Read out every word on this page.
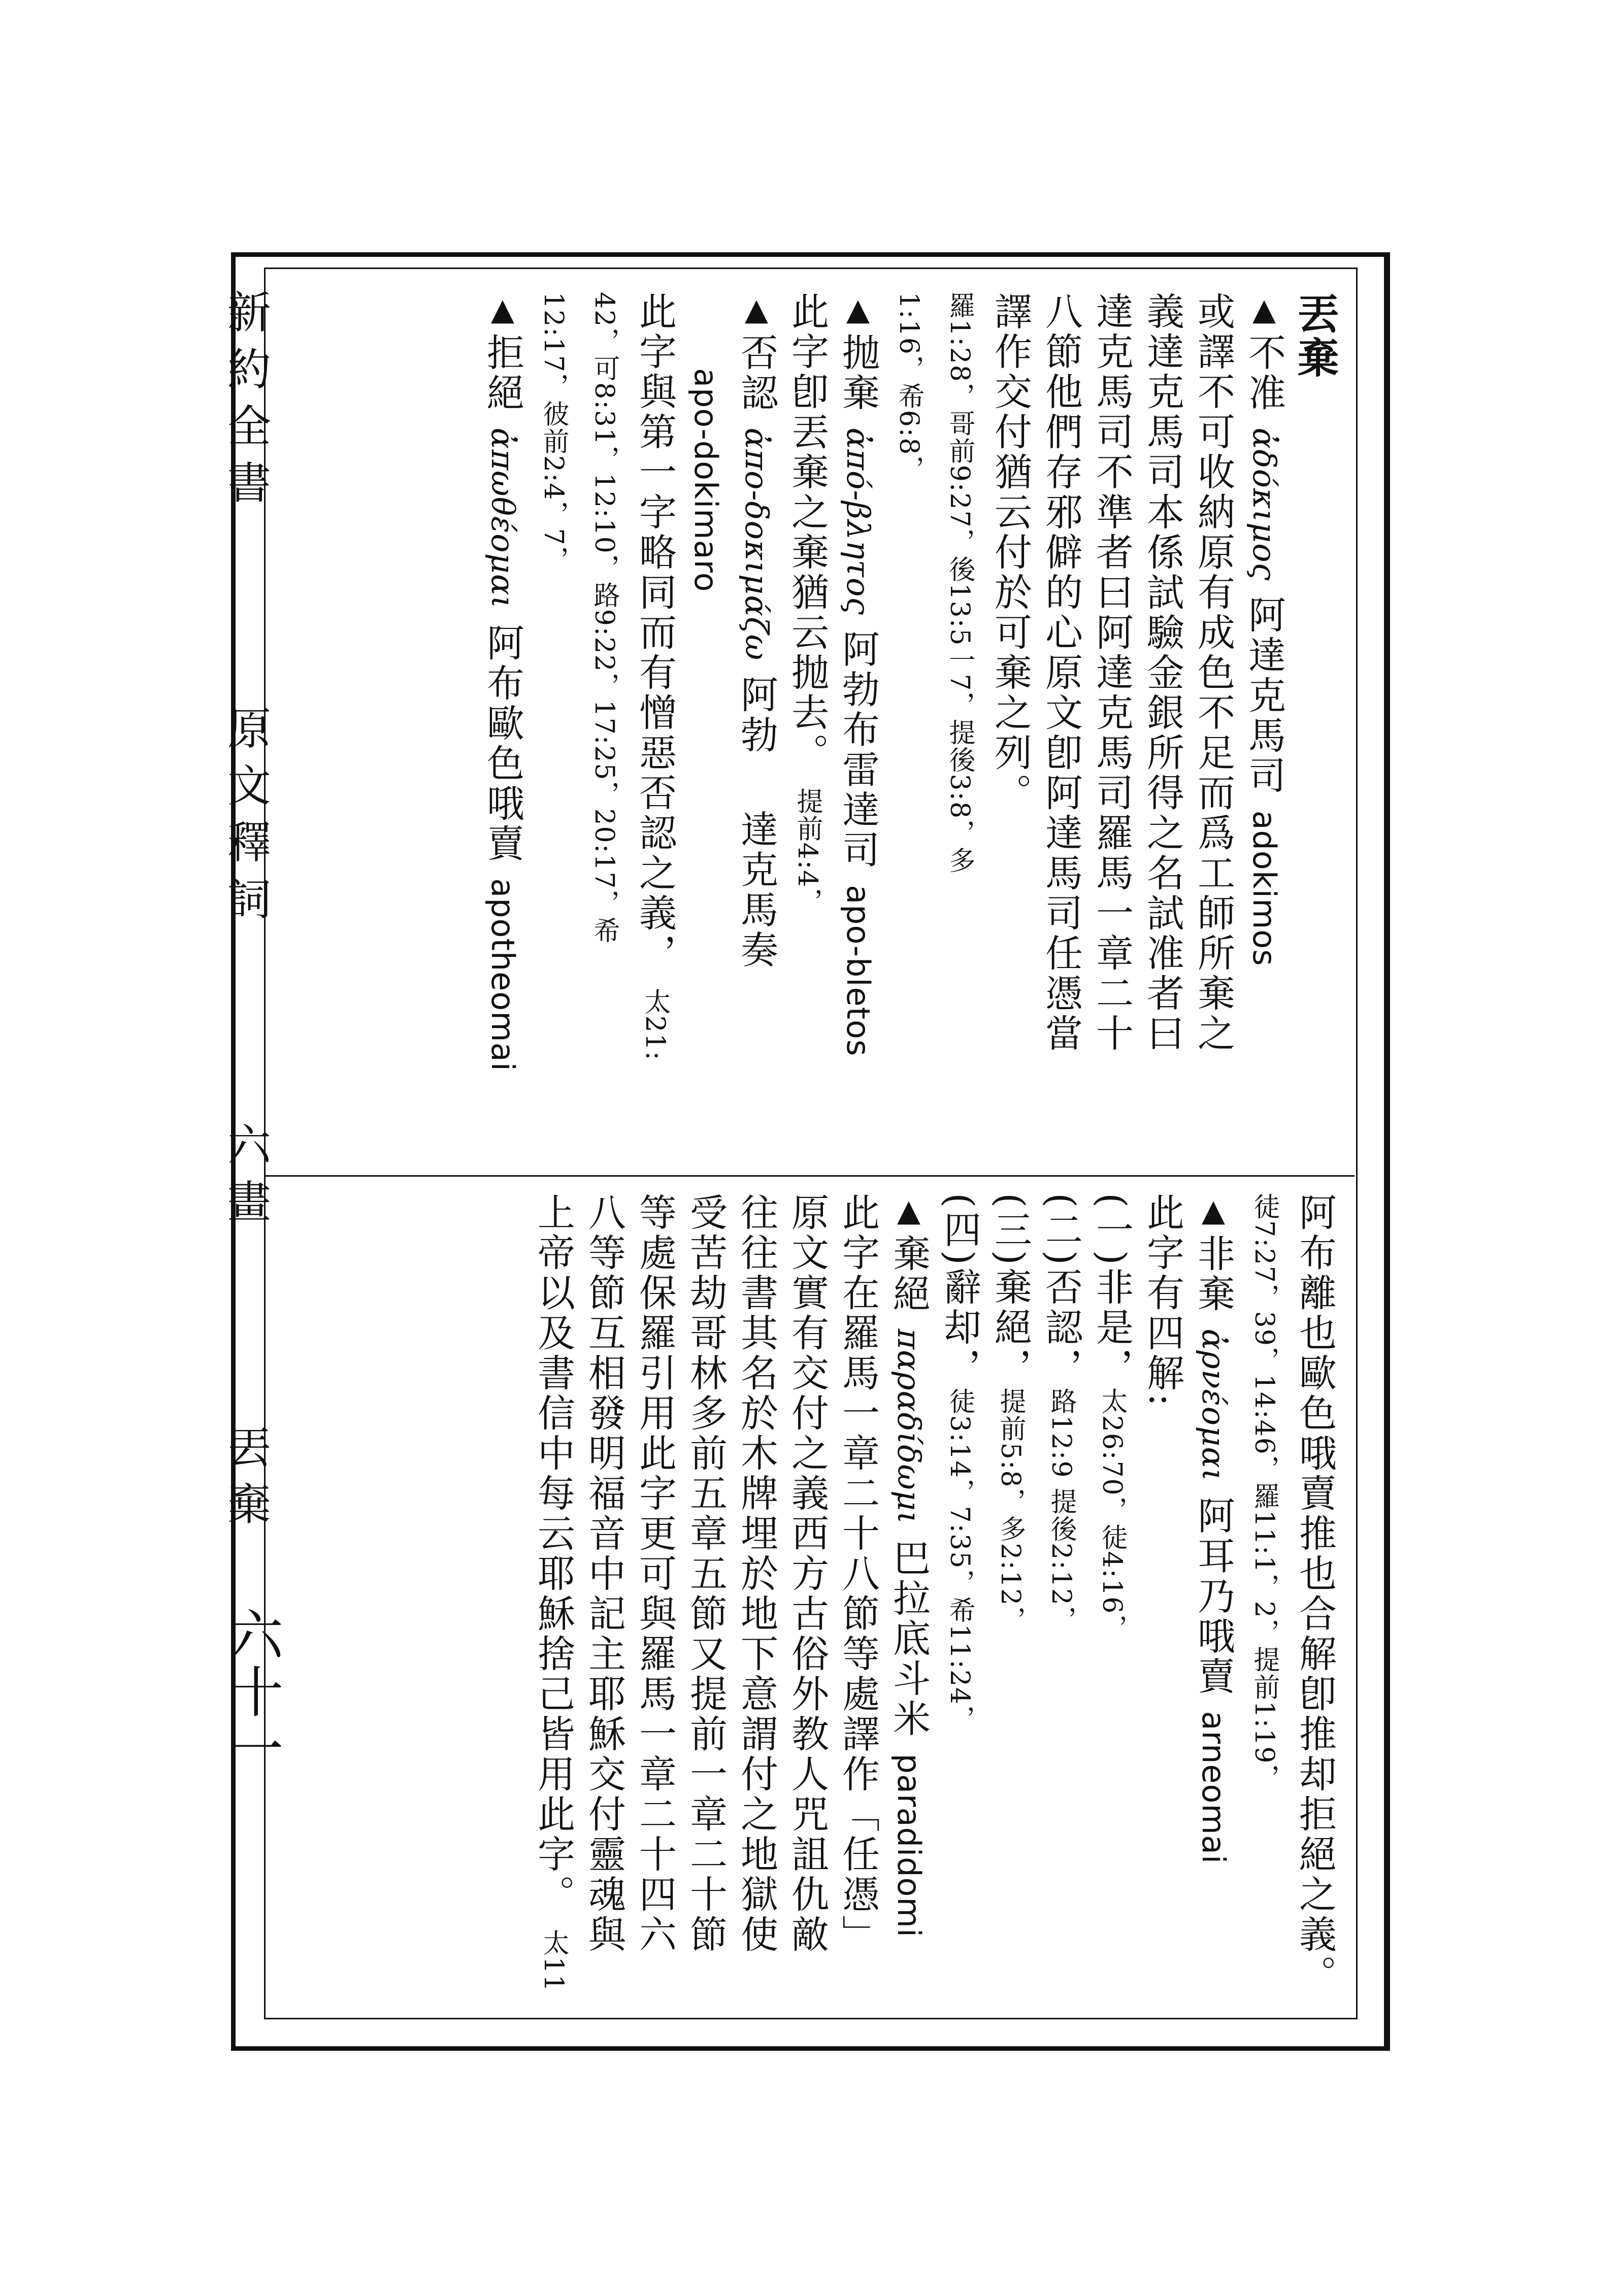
新約全書  原文釋詞  六畫  丟棄
六十一
丟棄
▲不准 ἀδόκιμος 阿達克馬司 adokimos
或譯不可收納原有成色不足而爲工師所棄之
義達克馬司本係試驗金銀所得之名試准者曰
達克馬司不準者曰阿達克馬司羅馬一章二十
八節他們存邪僻的心原文卽阿達馬司任憑當
譯作交付猶云付於可棄之列。
羅1:28，哥前9:27，後13:5一7，提後3:8，多
1:16，希6:8，
▲抛棄 ἀπό-βλητος 阿勃布雷達司 apo-bletos
此字卽丟棄之棄猶云抛去。 提前4:4，
▲否認 ἀπο-δοκιμάζω 阿勃　 達克馬奏
apo-dokimaro
此字與第一字略同而有憎惡否認之義， 太21:
42，可8:31，12:10，路9:22，17:25，20:17，希
12:17，彼前2:4，7，
▲拒絕 ἀπωθέομαι 阿布歐色哦賣 apotheomai
阿布離也歐色哦賣推也合解卽推却拒絕之義。
徒7:27，39，14:46，羅11:1，2，提前1:19，
▲非棄 ἀρνέομαι 阿耳乃哦賣 arneomai
此字有四解:
(一)非是，太26:70，徒4:16，
(二)否認，路12:9 提後2:12，
(三)棄絕，提前5:8，多2:12，
(四)辭却，徒3:14，7:35，希11:24，
▲棄絕 παραδίδωμι 巴拉底斗米 paradidomi
此字在羅馬一章二十八節等處譯作「任憑」
原文實有交付之義西方古俗外教人咒詛仇敵
往往書其名於木牌埋於地下意謂付之地獄使
受苦劫哥林多前五章五節又提前一章二十節
等處保羅引用此字更可與羅馬一章二十四六
八等節互相發明福音中記主耶穌交付靈魂與
上帝以及書信中每云耶穌捨己皆用此字。 太11
